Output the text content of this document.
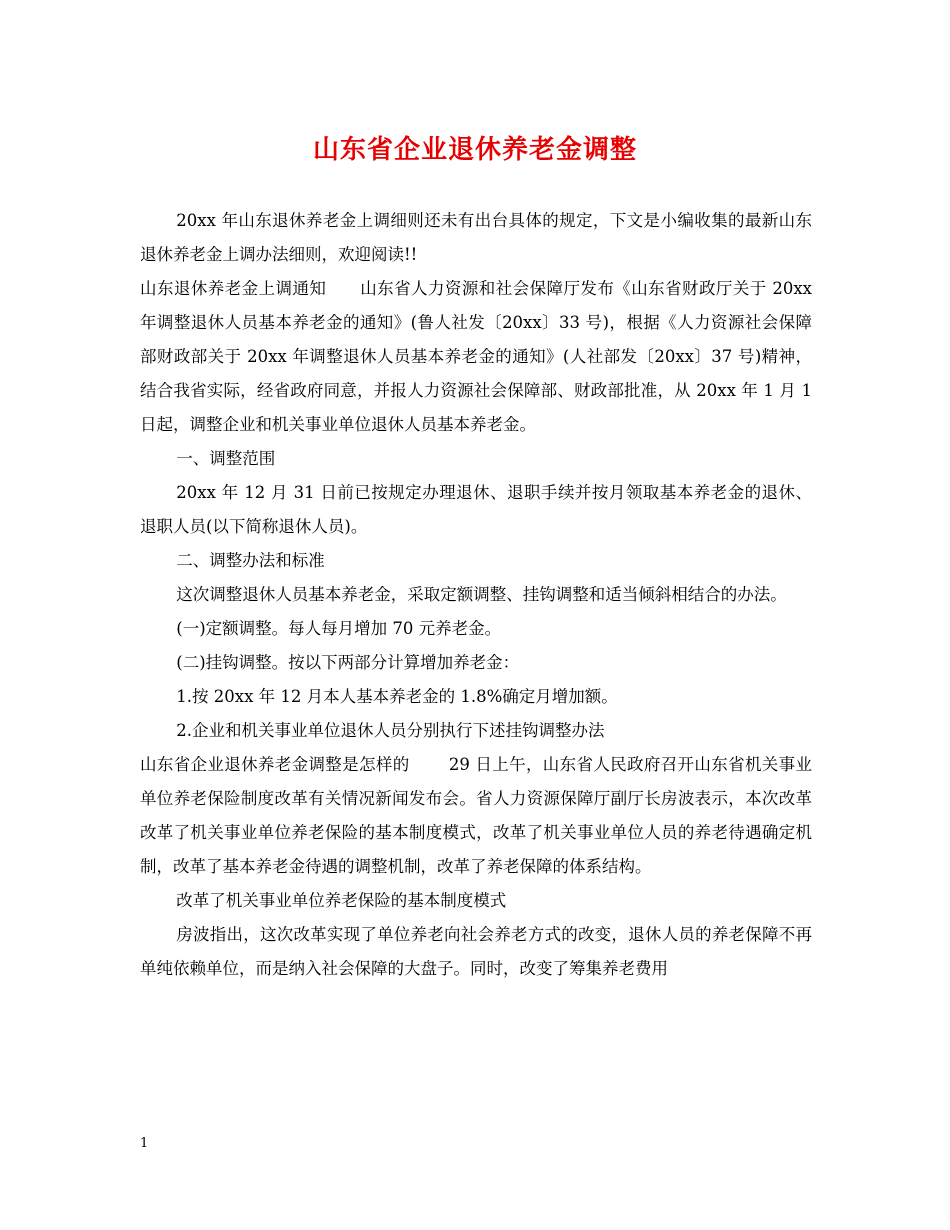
山东省企业退休养老金调整

20xx 年山东退休养老金上调细则还未有出台具体的规定，下文是小编收集的最新山东退休养老金上调办法细则，欢迎阅读!!

山东退休养老金上调通知　　山东省人力资源和社会保障厅发布《山东省财政厅关于 20xx 年调整退休人员基本养老金的通知》(鲁人社发〔20xx〕33 号)，根据《人力资源社会保障部财政部关于 20xx 年调整退休人员基本养老金的通知》(人社部发〔20xx〕37 号)精神，结合我省实际，经省政府同意，并报人力资源社会保障部、财政部批准，从 20xx 年 1 月 1 日起，调整企业和机关事业单位退休人员基本养老金。

一、调整范围

20xx 年 12 月 31 日前已按规定办理退休、退职手续并按月领取基本养老金的退休、退职人员(以下简称退休人员)。

二、调整办法和标准

这次调整退休人员基本养老金，采取定额调整、挂钩调整和适当倾斜相结合的办法。

(一)定额调整。每人每月增加 70 元养老金。

(二)挂钩调整。按以下两部分计算增加养老金：

1.按 20xx 年 12 月本人基本养老金的 1.8%确定月增加额。

2.企业和机关事业单位退休人员分别执行下述挂钩调整办法

山东省企业退休养老金调整是怎样的　　 29 日上午，山东省人民政府召开山东省机关事业单位养老保险制度改革有关情况新闻发布会。省人力资源保障厅副厅长房波表示，本次改革改革了机关事业单位养老保险的基本制度模式，改革了机关事业单位人员的养老待遇确定机制，改革了基本养老金待遇的调整机制，改革了养老保障的体系结构。

改革了机关事业单位养老保险的基本制度模式

房波指出，这次改革实现了单位养老向社会养老方式的改变，退休人员的养老保障不再单纯依赖单位，而是纳入社会保障的大盘子。同时，改变了筹集养老费用

1
